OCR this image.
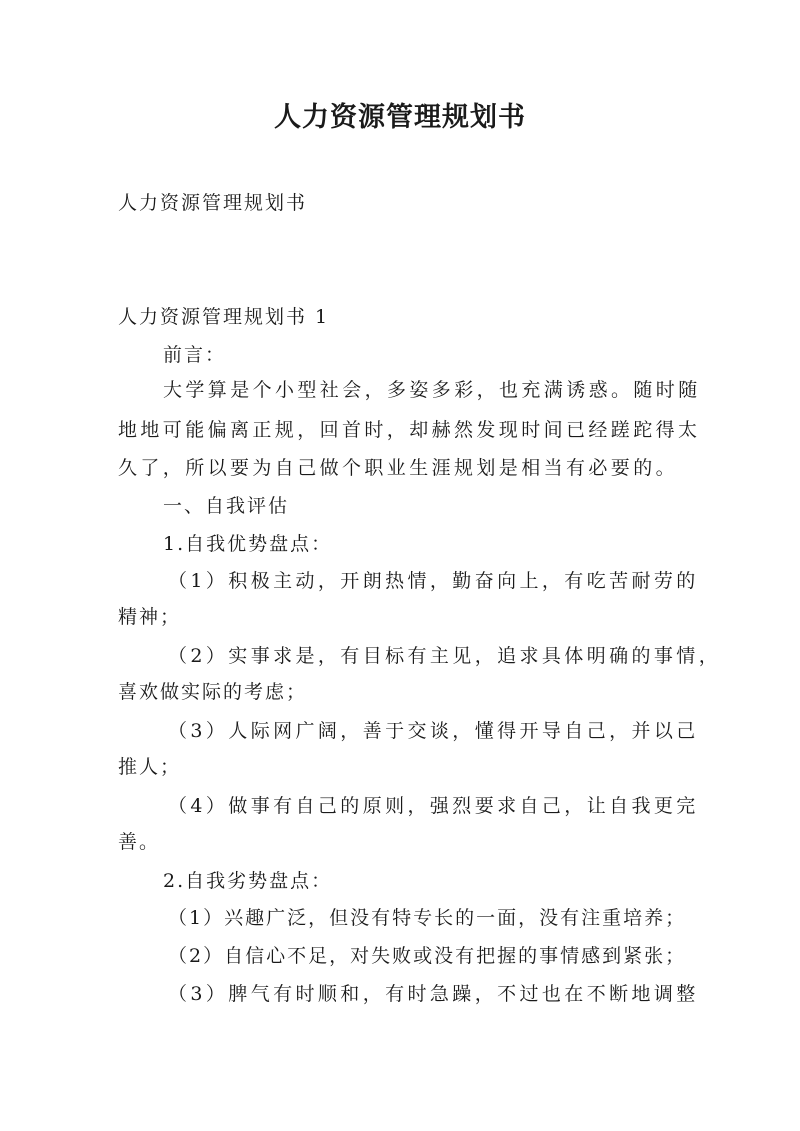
人力资源管理规划书
人力资源管理规划书
人力资源管理规划书 1
前言：
大学算是个小型社会，多姿多彩，也充满诱惑。随时随
地地可能偏离正规，回首时，却赫然发现时间已经蹉跎得太
久了，所以要为自己做个职业生涯规划是相当有必要的。
一、自我评估
1.自我优势盘点：
（1）积极主动，开朗热情，勤奋向上，有吃苦耐劳的
精神；
（2）实事求是，有目标有主见，追求具体明确的事情，
喜欢做实际的考虑；
（3）人际网广阔，善于交谈，懂得开导自己，并以己
推人；
（4）做事有自己的原则，强烈要求自己，让自我更完
善。
2.自我劣势盘点：
（1）兴趣广泛，但没有特专长的一面，没有注重培养；
（2）自信心不足，对失败或没有把握的事情感到紧张；
（3）脾气有时顺和，有时急躁，不过也在不断地调整
